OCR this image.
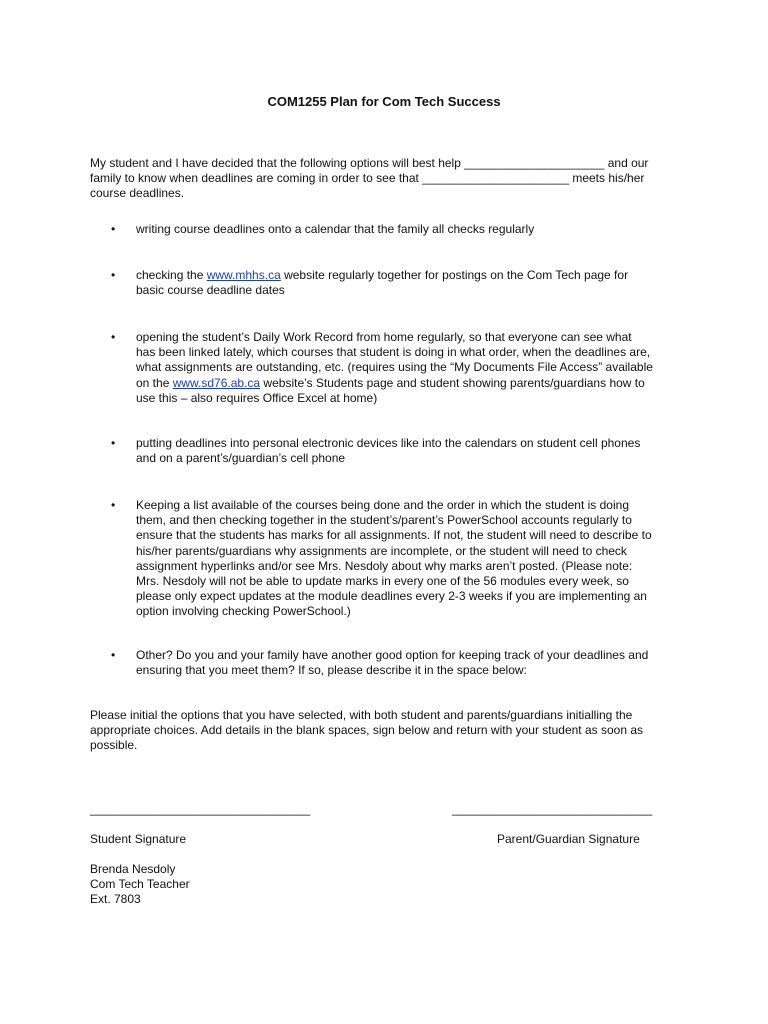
COM1255 Plan for Com Tech Success
My student and I have decided that the following options will best help _____________________ and our
family to know when deadlines are coming in order to see that ______________________ meets his/her
course deadlines.
•	writing course deadlines onto a calendar that the family all checks regularly
•	checking the www.mhhs.ca website regularly together for postings on the Com Tech page for
basic course deadline dates
•	opening the student’s Daily Work Record from home regularly, so that everyone can see what
has been linked lately, which courses that student is doing in what order, when the deadlines are,
what assignments are outstanding, etc. (requires using the “My Documents File Access” available
on the www.sd76.ab.ca website’s Students page and student showing parents/guardians how to
use this – also requires Office Excel at home)
•	putting deadlines into personal electronic devices like into the calendars on student cell phones
and on a parent’s/guardian’s cell phone
•	Keeping a list available of the courses being done and the order in which the student is doing
them, and then checking together in the student’s/parent’s PowerSchool accounts regularly to
ensure that the students has marks for all assignments. If not, the student will need to describe to
his/her parents/guardians why assignments are incomplete, or the student will need to check
assignment hyperlinks and/or see Mrs. Nesdoly about why marks aren’t posted. (Please note:
Mrs. Nesdoly will not be able to update marks in every one of the 56 modules every week, so
please only expect updates at the module deadlines every 2-3 weeks if you are implementing an
option involving checking PowerSchool.)
•	Other? Do you and your family have another good option for keeping track of your deadlines and
ensuring that you meet them? If so, please describe it in the space below:
Please initial the options that you have selected, with both student and parents/guardians initialling the
appropriate choices. Add details in the blank spaces, sign below and return with your student as soon as
possible.
_________________________________	______________________________
Student Signature	Parent/Guardian Signature
Brenda Nesdoly
Com Tech Teacher
Ext. 7803
